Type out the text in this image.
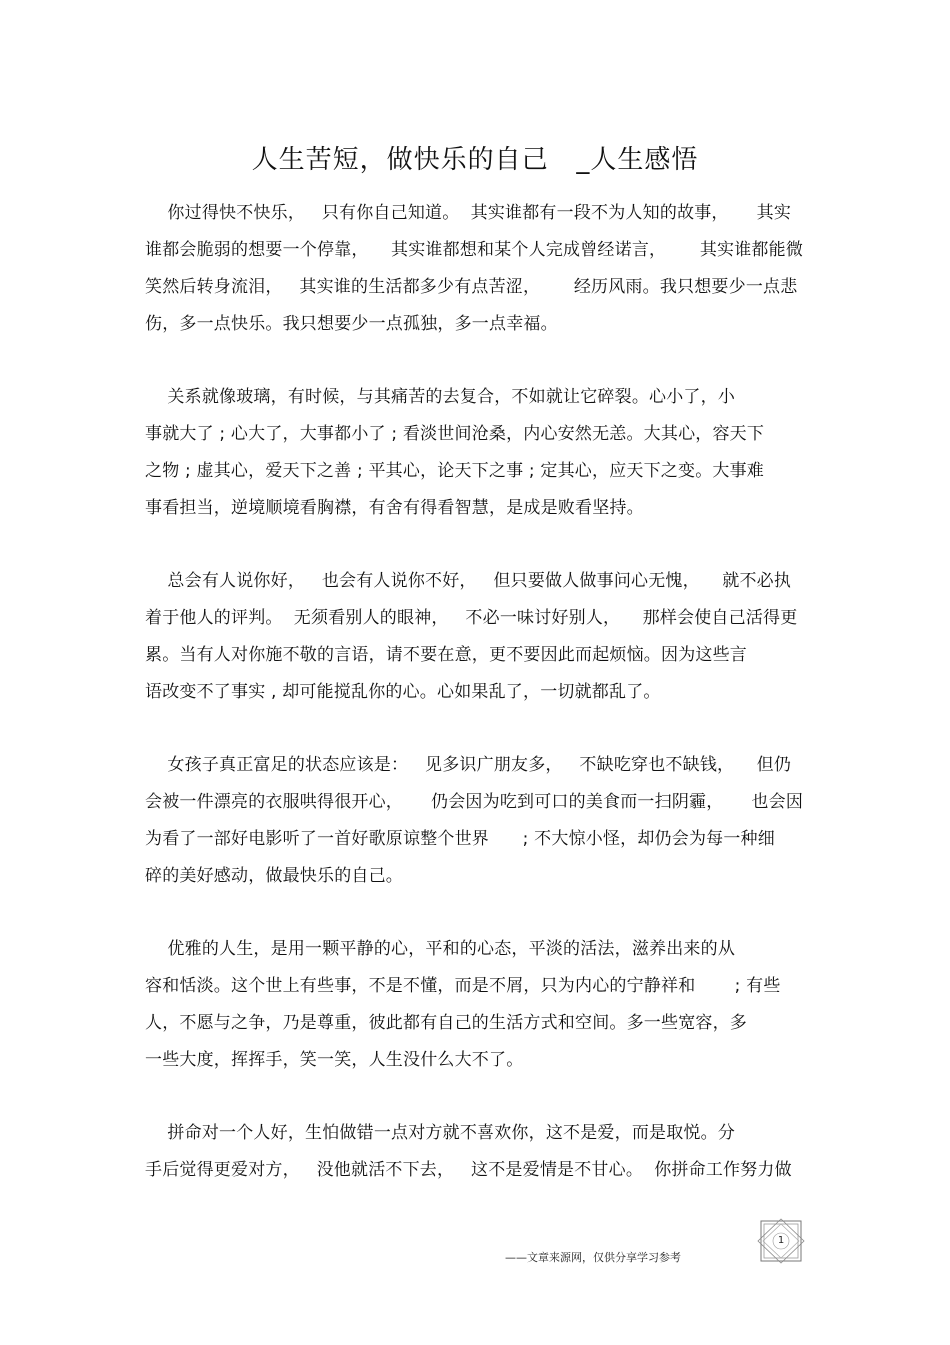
人生苦短，做快乐的自己   _人生感悟
你过得快不快乐，   只有你自己知道。  其实谁都有一段不为人知的故事，     其实
谁都会脆弱的想要一个停靠，    其实谁都想和某个人完成曾经诺言，      其实谁都能微
笑然后转身流泪，   其实谁的生活都多少有点苦涩，      经历风雨。我只想要少一点悲
伤，多一点快乐。我只想要少一点孤独，多一点幸福。
关系就像玻璃，有时候，与其痛苦的去复合，不如就让它碎裂。心小了，小
事就大了 ; 心大了，大事都小了 ; 看淡世间沧桑，内心安然无恙。大其心，容天下
之物 ; 虚其心，爱天下之善 ; 平其心，论天下之事 ; 定其心，应天下之变。大事难
事看担当，逆境顺境看胸襟，有舍有得看智慧，是成是败看坚持。
总会有人说你好，   也会有人说你不好，   但只要做人做事问心无愧，    就不必执
着于他人的评判。  无须看别人的眼神，   不必一味讨好别人，    那样会使自己活得更
累。当有人对你施不敬的言语，请不要在意，更不要因此而起烦恼。因为这些言
语改变不了事实 , 却可能搅乱你的心。心如果乱了，一切就都乱了。
女孩子真正富足的状态应该是：   见多识广朋友多，   不缺吃穿也不缺钱，    但仍
会被一件漂亮的衣服哄得很开心，     仍会因为吃到可口的美食而一扫阴霾，     也会因
为看了一部好电影听了一首好歌原谅整个世界      ; 不大惊小怪，却仍会为每一种细
碎的美好感动，做最快乐的自己。
优雅的人生，是用一颗平静的心，平和的心态，平淡的活法，滋养出来的从
容和恬淡。这个世上有些事，不是不懂，而是不屑，只为内心的宁静祥和       ; 有些
人，不愿与之争，乃是尊重，彼此都有自己的生活方式和空间。多一些宽容，多
一些大度，挥挥手，笑一笑，人生没什么大不了。
拼命对一个人好，生怕做错一点对方就不喜欢你，这不是爱，而是取悦。分
手后觉得更爱对方，   没他就活不下去，   这不是爱情是不甘心。  你拼命工作努力做
——文章来源网，仅供分享学习参考
1
